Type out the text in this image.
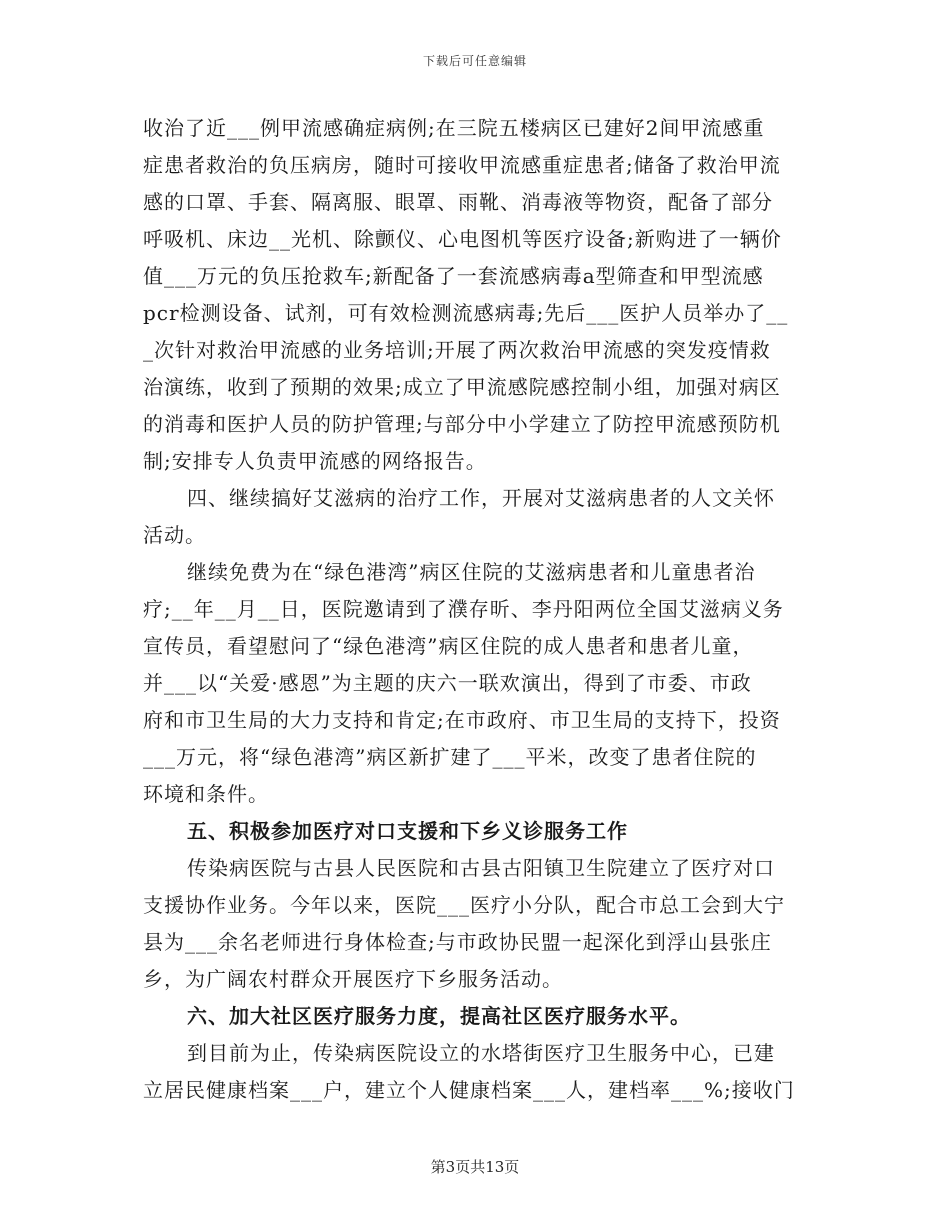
下载后可任意编辑
收治了近___例甲流感确症病例;在三院五楼病区已建好2间甲流感重
症患者救治的负压病房，随时可接收甲流感重症患者;储备了救治甲流
感的口罩、手套、隔离服、眼罩、雨靴、消毒液等物资，配备了部分
呼吸机、床边__光机、除颤仪、心电图机等医疗设备;新购进了一辆价
值___万元的负压抢救车;新配备了一套流感病毒a型筛查和甲型流感
pcr检测设备、试剂，可有效检测流感病毒;先后___医护人员举办了__
_次针对救治甲流感的业务培训;开展了两次救治甲流感的突发疫情救
治演练，收到了预期的效果;成立了甲流感院感控制小组，加强对病区
的消毒和医护人员的防护管理;与部分中小学建立了防控甲流感预防机
制;安排专人负责甲流感的网络报告。
四、继续搞好艾滋病的治疗工作，开展对艾滋病患者的人文关怀
活动。
继续免费为在“绿色港湾”病区住院的艾滋病患者和儿童患者治
疗;__年__月__日，医院邀请到了濮存昕、李丹阳两位全国艾滋病义务
宣传员，看望慰问了“绿色港湾”病区住院的成人患者和患者儿童，
并___以“关爱·感恩”为主题的庆六一联欢演出，得到了市委、市政
府和市卫生局的大力支持和肯定;在市政府、市卫生局的支持下，投资
___万元，将“绿色港湾”病区新扩建了___平米，改变了患者住院的
环境和条件。
五、积极参加医疗对口支援和下乡义诊服务工作
传染病医院与古县人民医院和古县古阳镇卫生院建立了医疗对口
支援协作业务。今年以来，医院___医疗小分队，配合市总工会到大宁
县为___余名老师进行身体检查;与市政协民盟一起深化到浮山县张庄
乡，为广阔农村群众开展医疗下乡服务活动。
六、加大社区医疗服务力度，提高社区医疗服务水平。
到目前为止，传染病医院设立的水塔街医疗卫生服务中心，已建
立居民健康档案___户，建立个人健康档案___人，建档率___%;接收门
第3页共13页
